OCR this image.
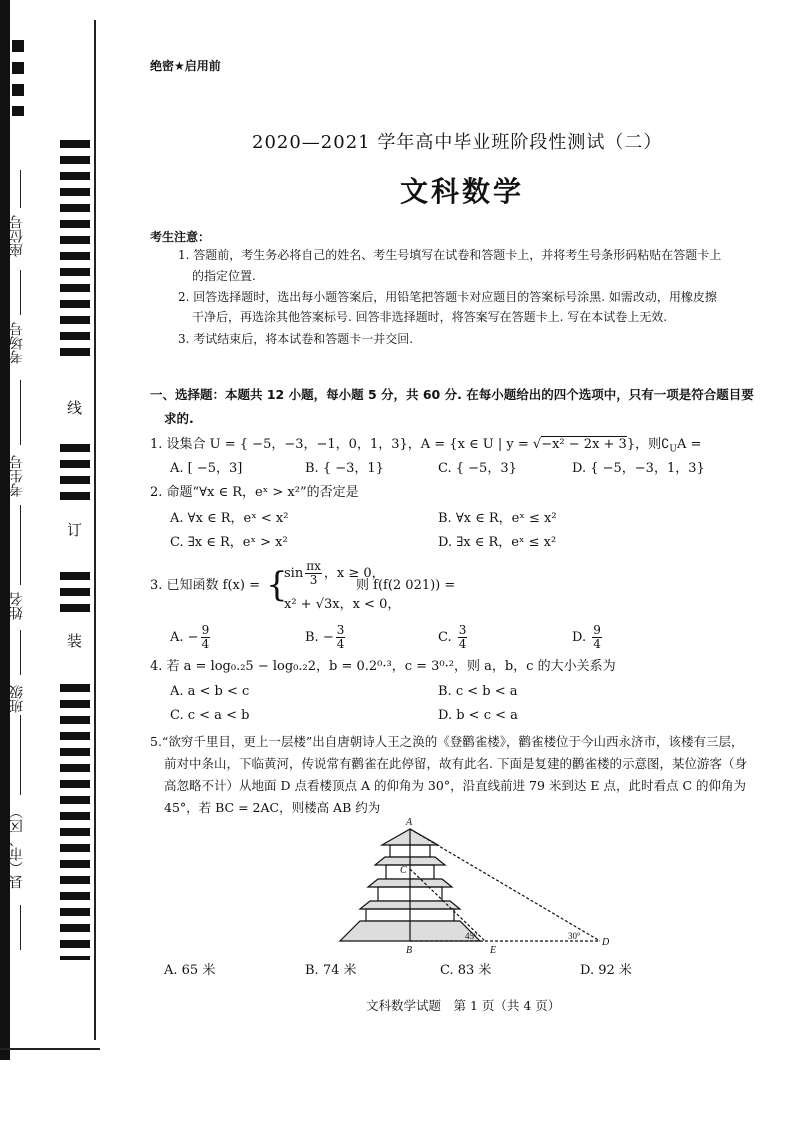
县（市、区）
班级
姓名
考生号
考场号
座位号
装
订
线
绝密★启用前
2020—2021 学年高中毕业班阶段性测试（二）
文科数学
考生注意：
1. 答题前，考生务必将自己的姓名、考生号填写在试卷和答题卡上，并将考生号条形码粘贴在答题卡上
的指定位置.
2. 回答选择题时，选出每小题答案后，用铅笔把答题卡对应题目的答案标号涂黑. 如需改动，用橡皮擦
干净后，再选涂其他答案标号. 回答非选择题时，将答案写在答题卡上. 写在本试卷上无效.
3. 考试结束后，将本试卷和答题卡一并交回.
一、选择题：本题共 12 小题，每小题 5 分，共 60 分. 在每小题给出的四个选项中，只有一项是符合题目要
求的.
1. 设集合 U = { −5，−3，−1，0，1，3}，A = {x ∈ U | y = √−x² − 2x + 3}，则$∁_UA$ =
A. [ −5，3]	B. { −3，1}	C. { −5，3}	D. { −5，−3，1，3}
2. 命题“∀x ∈ R，eˣ > x²”的否定是
A. ∀x ∈ R，eˣ < x²	B. ∀x ∈ R，eˣ ≤ x²
C. ∃x ∈ R，eˣ > x²	D. ∃x ∈ R，eˣ ≤ x²
3. 已知函数 f(x) = {
$\sin \frac{\pi x}{3}$ ，x ≥ 0，
x² + √3x，x < 0，
则 f(f(2 021)) =
A. − $\frac{9}{4}$	B. − $\frac{3}{4}$	C. $\frac{3}{4}$	D. $\frac{9}{4}$
4. 若 a = log₀.₂5 − log₀.₂2，b = 0.2⁰·³，c = 3⁰·²，则 a，b，c 的大小关系为
A. a < b < c	B. c < b < a
C. c < a < b	D. b < c < a
5.“欲穷千里目，更上一层楼”出自唐朝诗人王之涣的《登鹳雀楼》，鹳雀楼位于今山西永济市，该楼有三层，
前对中条山，下临黄河，传说常有鹳雀在此停留，故有此名. 下面是复建的鹳雀楼的示意图，某位游客（身
高忽略不计）从地面 D 点看楼顶点 A 的仰角为 30°，沿直线前进 79 米到达 E 点，此时看点 C 的仰角为
45°，若 BC = 2AC，则楼高 AB 约为
A
C
B	E
D
45°	30°
A. 65 米	B. 74 米	C. 83 米	D. 92 米
文科数学试题　第 1 页（共 4 页）
